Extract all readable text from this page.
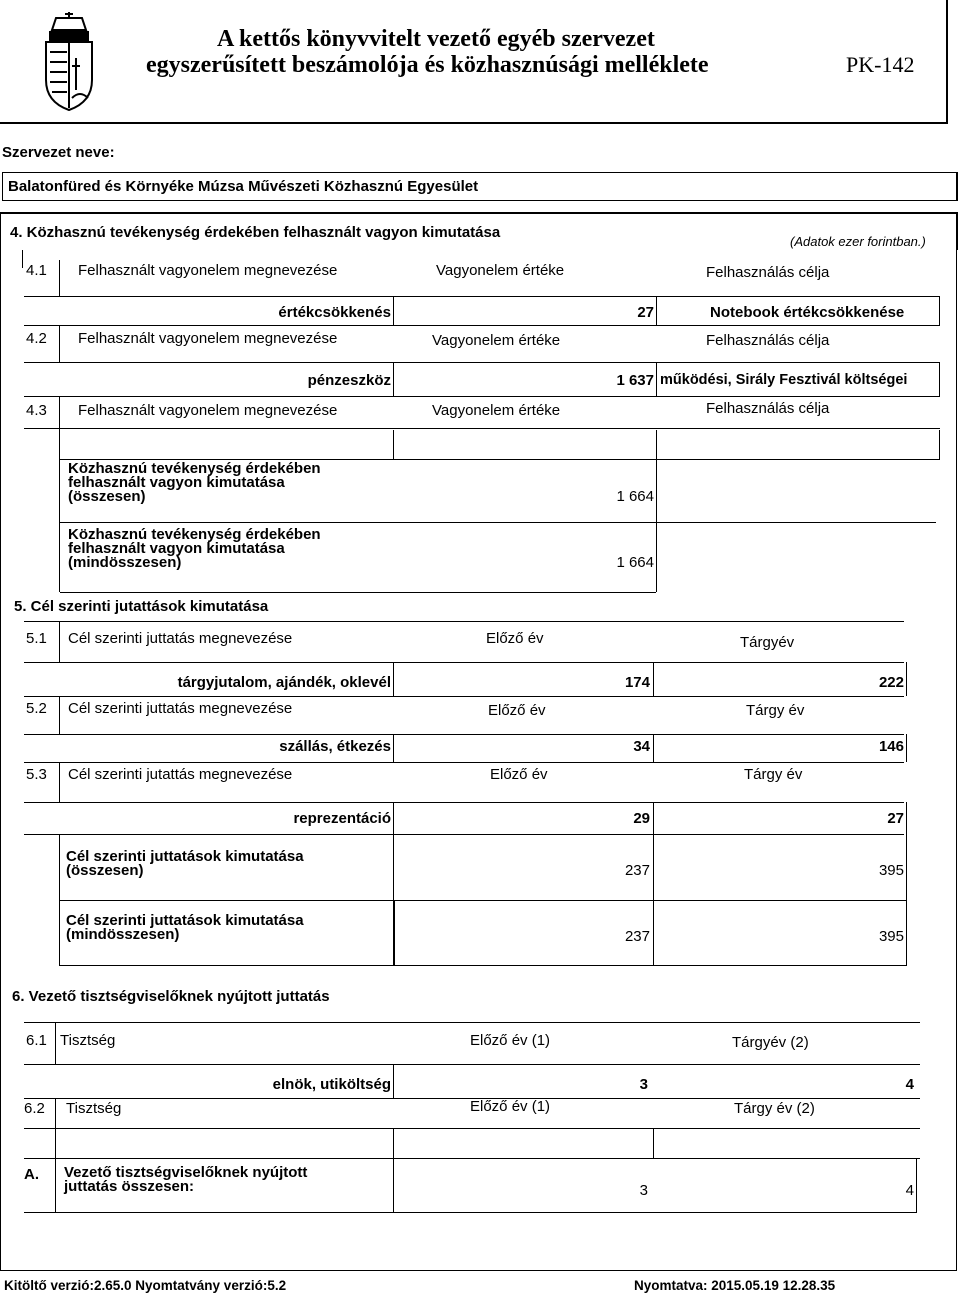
A kettős könyvvitelt vezető egyéb szervezet
egyszerűsített beszámolója és közhasznúsági melléklete	PK-142
Szervezet neve:
Balatonfüred és Környéke Múzsa Művészeti Közhasznú Egyesület
4. Közhasznú tevékenység érdekében felhasznált vagyon kimutatása
(Adatok ezer forintban.)
4.1 Felhasznált vagyonelem megnevezése	Vagyonelem értéke	Felhasználás célja
értékcsökkenés	27	Notebook értékcsökkenése
4.2 Felhasznált vagyonelem megnevezése	Vagyonelem értéke	Felhasználás célja
pénzeszköz	1 637 működési, Sirály Fesztivál költségei
4.3 Felhasznált vagyonelem megnevezése	Vagyonelem értéke	Felhasználás célja
Közhasznú tevékenység érdekében
felhasznált vagyon kimutatása
(összesen)	1 664
Közhasznú tevékenység érdekében
felhasznált vagyon kimutatása
(mindösszesen)	1 664
5. Cél szerinti jutattások kimutatása
5.1 Cél szerinti juttatás megnevezése	Előző év	Tárgyév
tárgyjutalom, ajándék, oklevél	174	222
5.2 Cél szerinti juttatás megnevezése	Előző év	Tárgy év
szállás, étkezés	34	146
5.3 Cél szerinti jutattás megnevezése	Előző év	Tárgy év
reprezentáció	29	27
Cél szerinti juttatások kimutatása
(összesen)	237	395
Cél szerinti juttatások kimutatása
(mindösszesen)	237	395
6. Vezető tisztségviselőknek nyújtott juttatás
6.1 Tisztség	Előző év (1)	Tárgyév (2)
elnök, utiköltség	3	4
6.2 Tisztség	Előző év (1)	Tárgy év (2)
A. Vezető tisztségviselőknek nyújtott
juttatás összesen:	3	4
Kitöltő verzió:2.65.0 Nyomtatvány verzió:5.2	Nyomtatva: 2015.05.19 12.28.35
